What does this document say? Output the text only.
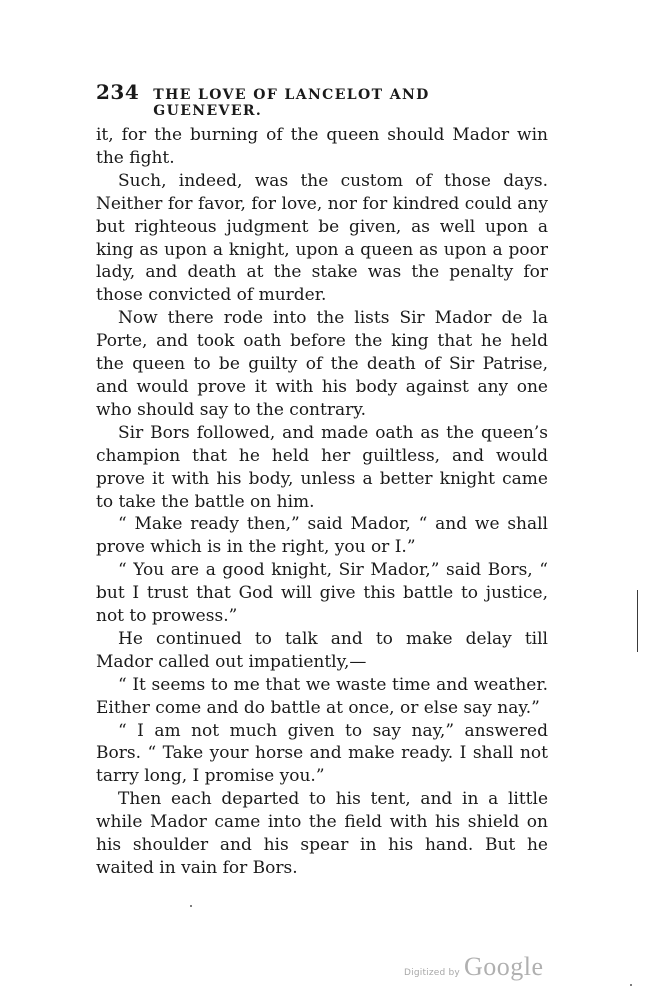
234 THE LOVE OF LANCELOT AND GUENEVER.

it, for the burning of the queen should Mador win the fight.

Such, indeed, was the custom of those days. Neither for favor, for love, nor for kindred could any but righteous judgment be given, as well upon a king as upon a knight, upon a queen as upon a poor lady, and death at the stake was the penalty for those convicted of murder.

Now there rode into the lists Sir Mador de la Porte, and took oath before the king that he held the queen to be guilty of the death of Sir Patrise, and would prove it with his body against any one who should say to the contrary.

Sir Bors followed, and made oath as the queen’s champion that he held her guiltless, and would prove it with his body, unless a better knight came to take the battle on him.

“ Make ready then,” said Mador, “ and we shall prove which is in the right, you or I.”

“ You are a good knight, Sir Mador,” said Bors, “ but I trust that God will give this battle to justice, not to prowess.”

He continued to talk and to make delay till Mador called out impatiently,—

“ It seems to me that we waste time and weather. Either come and do battle at once, or else say nay.”

“ I am not much given to say nay,” answered Bors. “ Take your horse and make ready. I shall not tarry long, I promise you.”

Then each departed to his tent, and in a little while Mador came into the field with his shield on his shoulder and his spear in his hand. But he waited in vain for Bors.

Digitized by Google
